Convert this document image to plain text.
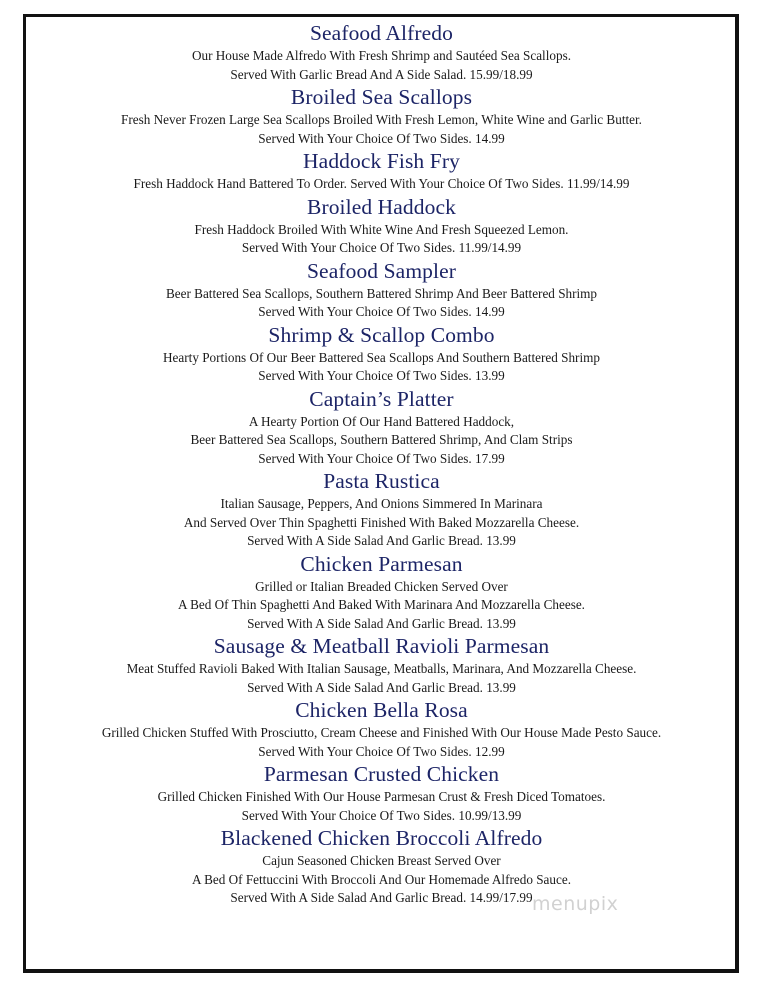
Seafood Alfredo
Our House Made Alfredo With Fresh Shrimp and Sautéed Sea Scallops.
Served With Garlic Bread And A Side Salad. 15.99/18.99
Broiled Sea Scallops
Fresh Never Frozen Large Sea Scallops Broiled With Fresh Lemon, White Wine and Garlic Butter.
Served With Your Choice Of Two Sides. 14.99
Haddock Fish Fry
Fresh Haddock Hand Battered To Order. Served With Your Choice Of Two Sides. 11.99/14.99
Broiled Haddock
Fresh Haddock Broiled With White Wine And Fresh Squeezed Lemon.
Served With Your Choice Of Two Sides. 11.99/14.99
Seafood Sampler
Beer Battered Sea Scallops, Southern Battered Shrimp And Beer Battered Shrimp
Served With Your Choice Of Two Sides. 14.99
Shrimp & Scallop Combo
Hearty Portions Of Our Beer Battered Sea Scallops And Southern Battered Shrimp
Served With Your Choice Of Two Sides. 13.99
Captain’s Platter
A Hearty Portion Of Our Hand Battered Haddock,
Beer Battered Sea Scallops, Southern Battered Shrimp, And Clam Strips
Served With Your Choice Of Two Sides. 17.99
Pasta Rustica
Italian Sausage, Peppers, And Onions Simmered In Marinara
And Served Over Thin Spaghetti Finished With Baked Mozzarella Cheese.
Served With A Side Salad And Garlic Bread. 13.99
Chicken Parmesan
Grilled or Italian Breaded Chicken Served Over
A Bed Of Thin Spaghetti And Baked With Marinara And Mozzarella Cheese.
Served With A Side Salad And Garlic Bread. 13.99
Sausage & Meatball Ravioli Parmesan
Meat Stuffed Ravioli Baked With Italian Sausage, Meatballs, Marinara, And Mozzarella Cheese.
Served With A Side Salad And Garlic Bread. 13.99
Chicken Bella Rosa
Grilled Chicken Stuffed With Prosciutto, Cream Cheese and Finished With Our House Made Pesto Sauce.
Served With Your Choice Of Two Sides. 12.99
Parmesan Crusted Chicken
Grilled Chicken Finished With Our House Parmesan Crust & Fresh Diced Tomatoes.
Served With Your Choice Of Two Sides. 10.99/13.99
Blackened Chicken Broccoli Alfredo
Cajun Seasoned Chicken Breast Served Over
A Bed Of Fettuccini With Broccoli And Our Homemade Alfredo Sauce.
Served With A Side Salad And Garlic Bread. 14.99/17.99 menupix
